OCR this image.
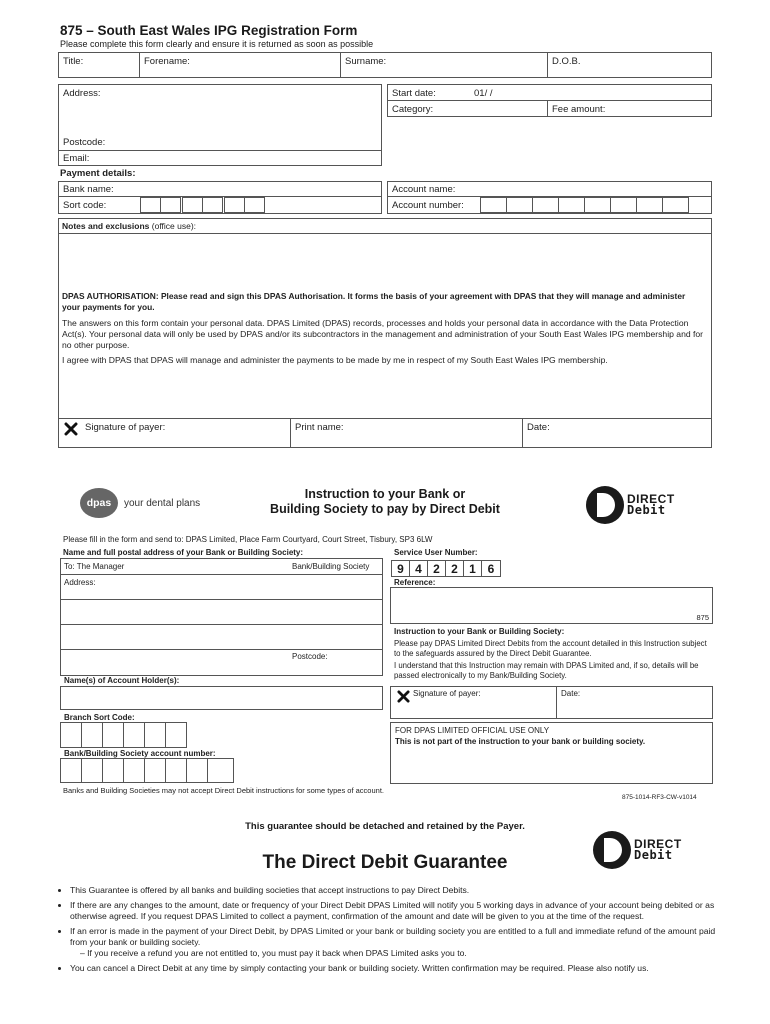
875 – South East Wales IPG Registration Form
Please complete this form clearly and ensure it is returned as soon as possible
Title:	Forename:	Surname:	D.O.B.
Address:
Postcode:
Email:
Start date:	01/ /
Category:	Fee amount:
Payment details:
Bank name:	Account name:
Sort code:	Account number:
Notes and exclusions (office use):
DPAS AUTHORISATION: Please read and sign this DPAS Authorisation. It forms the basis of your agreement with DPAS that they will manage and administer your payments for you.
The answers on this form contain your personal data. DPAS Limited (DPAS) records, processes and holds your personal data in accordance with the Data Protection Act(s). Your personal data will only be used by DPAS and/or its subcontractors in the management and administration of your South East Wales IPG membership and for no other purpose.
I agree with DPAS that DPAS will manage and administer the payments to be made by me in respect of my South East Wales IPG membership.
Signature of payer:	Print name:	Date:
dpas	your dental plans
Instruction to your Bank or
Building Society to pay by Direct Debit
DIRECT
Debit
Please fill in the form and send to: DPAS Limited, Place Farm Courtyard, Court Street, Tisbury, SP3 6LW
Name and full postal address of your Bank or Building Society:
To: The Manager	Bank/Building Society
Address:
Postcode:
Name(s) of Account Holder(s):
Branch Sort Code:
Bank/Building Society account number:
Service User Number:
9 4 2 2 1 6
Reference:
875
Instruction to your Bank or Building Society:
Please pay DPAS Limited Direct Debits from the account detailed in this Instruction subject to the safeguards assured by the Direct Debit Guarantee.
I understand that this Instruction may remain with DPAS Limited and, if so, details will be passed electronically to my Bank/Building Society.
Signature of payer:	Date:
FOR DPAS LIMITED OFFICIAL USE ONLY
This is not part of the instruction to your bank or building society.
Banks and Building Societies may not accept Direct Debit instructions for some types of account.
875-1014-RF3-CW-v1014
This guarantee should be detached and retained by the Payer.
DIRECT
Debit
The Direct Debit Guarantee
• This Guarantee is offered by all banks and building societies that accept instructions to pay Direct Debits.
• If there are any changes to the amount, date or frequency of your Direct Debit DPAS Limited will notify you 5 working days in advance of your account being debited or as otherwise agreed. If you request DPAS Limited to collect a payment, confirmation of the amount and date will be given to you at the time of the request.
• If an error is made in the payment of your Direct Debit, by DPAS Limited or your bank or building society you are entitled to a full and immediate refund of the amount paid from your bank or building society.
– If you receive a refund you are not entitled to, you must pay it back when DPAS Limited asks you to.
• You can cancel a Direct Debit at any time by simply contacting your bank or building society. Written confirmation may be required. Please also notify us.
